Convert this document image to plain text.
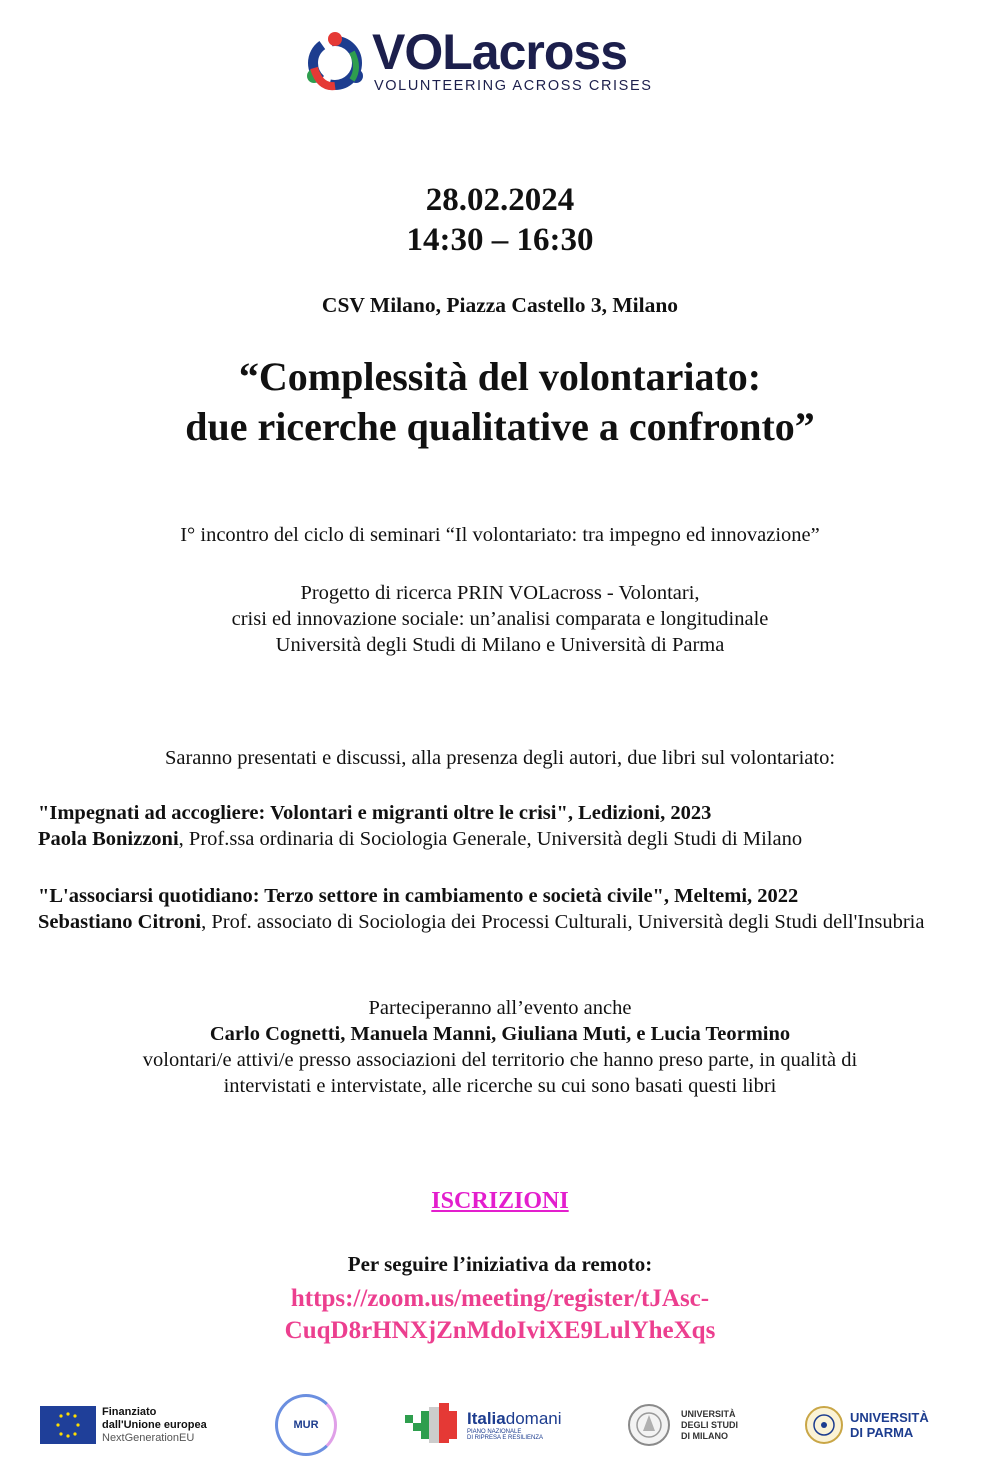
VOLacross
VOLUNTEERING ACROSS CRISES
28.02.2024
14:30 – 16:30
CSV Milano, Piazza Castello 3, Milano
“Complessità del volontariato:
due ricerche qualitative a confronto”
I° incontro del ciclo di seminari “Il volontariato: tra impegno ed innovazione”
Progetto di ricerca PRIN VOLacross - Volontari,
crisi ed innovazione sociale: un’analisi comparata e longitudinale
Università degli Studi di Milano e Università di Parma
Saranno presentati e discussi, alla presenza degli autori, due libri sul volontariato:
"Impegnati ad accogliere: Volontari e migranti oltre le crisi", Ledizioni, 2023
Paola Bonizzoni, Prof.ssa ordinaria di Sociologia Generale, Università degli Studi di Milano
"L'associarsi quotidiano: Terzo settore in cambiamento e società civile", Meltemi, 2022
Sebastiano Citroni, Prof. associato di Sociologia dei Processi Culturali, Università degli Studi dell'Insubria
Parteciperanno all’evento anche
Carlo Cognetti, Manuela Manni, Giuliana Muti, e Lucia Teormino
volontari/e attivi/e presso associazioni del territorio che hanno preso parte, in qualità di
intervistati e intervistate, alle ricerche su cui sono basati questi libri
ISCRIZIONI
Per seguire l’iniziativa da remoto:
https://zoom.us/meeting/register/tJAsc-
CuqD8rHNXjZnMdoIviXE9LulYheXqs
Finanziato
dall'Unione europea
NextGenerationEU
MUR	Italiadomani
PIANO NAZIONALE
DI RIPRESA E RESILIENZA
UNIVERSITÀ
DEGLI STUDI
DI MILANO
UNIVERSITÀ
DI PARMA
